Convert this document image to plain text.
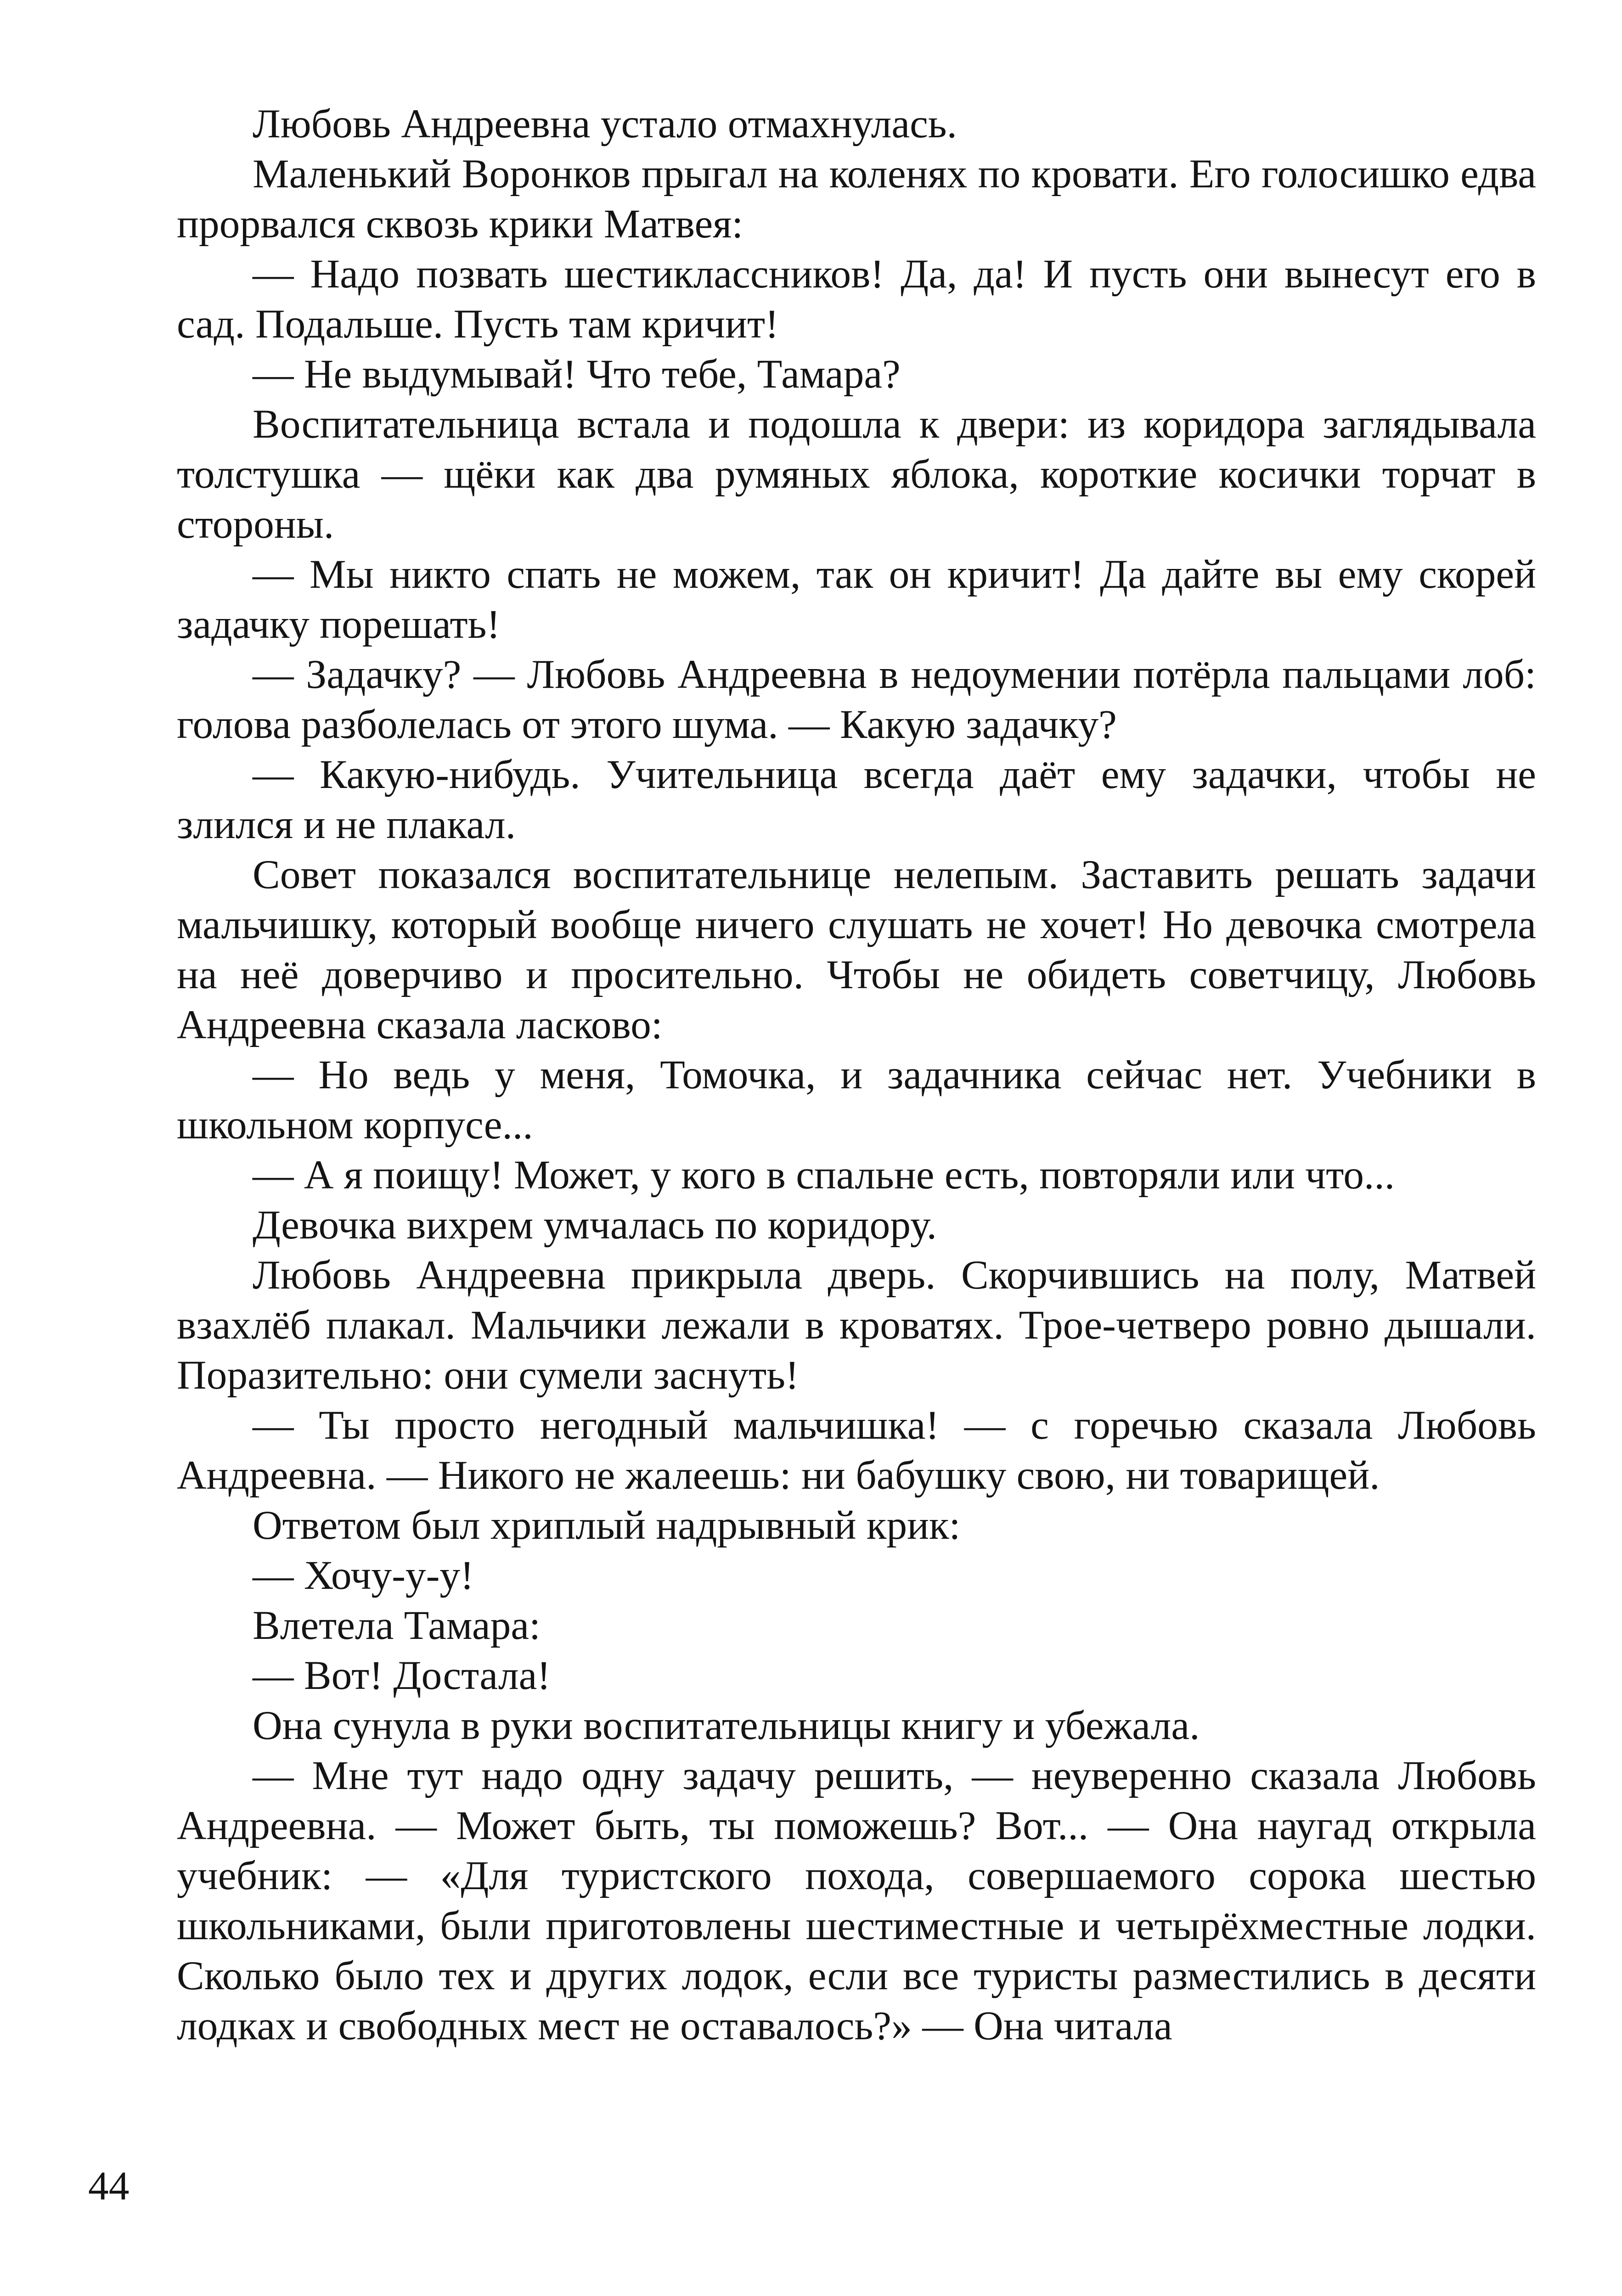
Любовь Андреевна устало отмахнулась.

Маленький Воронков прыгал на коленях по кровати. Его голосишко едва прорвался сквозь крики Матвея:

— Надо позвать шестиклассников! Да, да! И пусть они вынесут его в сад. Подальше. Пусть там кричит!

— Не выдумывай! Что тебе, Тамара?

Воспитательница встала и подошла к двери: из коридора заглядывала толстушка — щёки как два румяных яблока, короткие косички торчат в стороны.

— Мы никто спать не можем, так он кричит! Да дайте вы ему скорей задачку порешать!

— Задачку? — Любовь Андреевна в недоумении потёрла пальцами лоб: голова разболелась от этого шума. — Какую задачку?

— Какую-нибудь. Учительница всегда даёт ему задачки, чтобы не злился и не плакал.

Совет показался воспитательнице нелепым. Заставить решать задачи мальчишку, который вообще ничего слушать не хочет! Но девочка смотрела на неё доверчиво и просительно. Чтобы не обидеть советчицу, Любовь Андреевна сказала ласково:

— Но ведь у меня, Томочка, и задачника сейчас нет. Учебники в школьном корпусе...

— А я поищу! Может, у кого в спальне есть, повторяли или что...

Девочка вихрем умчалась по коридору.

Любовь Андреевна прикрыла дверь. Скорчившись на полу, Матвей взахлёб плакал. Мальчики лежали в кроватях. Трое-четверо ровно дышали. Поразительно: они сумели заснуть!

— Ты просто негодный мальчишка! — с горечью сказала Любовь Андреевна. — Никого не жалеешь: ни бабушку свою, ни товарищей.

Ответом был хриплый надрывный крик:

— Хочу-у-у!

Влетела Тамара:

— Вот! Достала!

Она сунула в руки воспитательницы книгу и убежала.

— Мне тут надо одну задачу решить, — неуверенно сказала Любовь Андреевна. — Может быть, ты поможешь? Вот... — Она наугад открыла учебник: — «Для туристского похода, совершаемого сорока шестью школьниками, были приготовлены шестиместные и четырёхместные лодки. Сколько было тех и других лодок, если все туристы разместились в десяти лодках и свободных мест не оставалось?» — Она читала

44
